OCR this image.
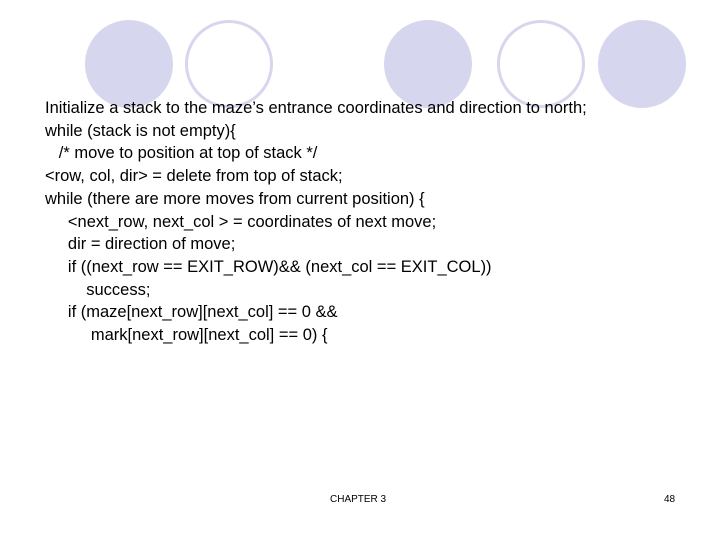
Initialize a stack to the maze’s entrance coordinates and direction to north;
while (stack is not empty){
/* move to position at top of stack */
<row, col, dir> = delete from top of stack;
while (there are more moves from current position) {
<next_row, next_col > = coordinates of next move;
dir = direction of move;
if ((next_row == EXIT_ROW)&& (next_col == EXIT_COL))
success;
if (maze[next_row][next_col] == 0 &&
mark[next_row][next_col] == 0) {
CHAPTER 3	48
